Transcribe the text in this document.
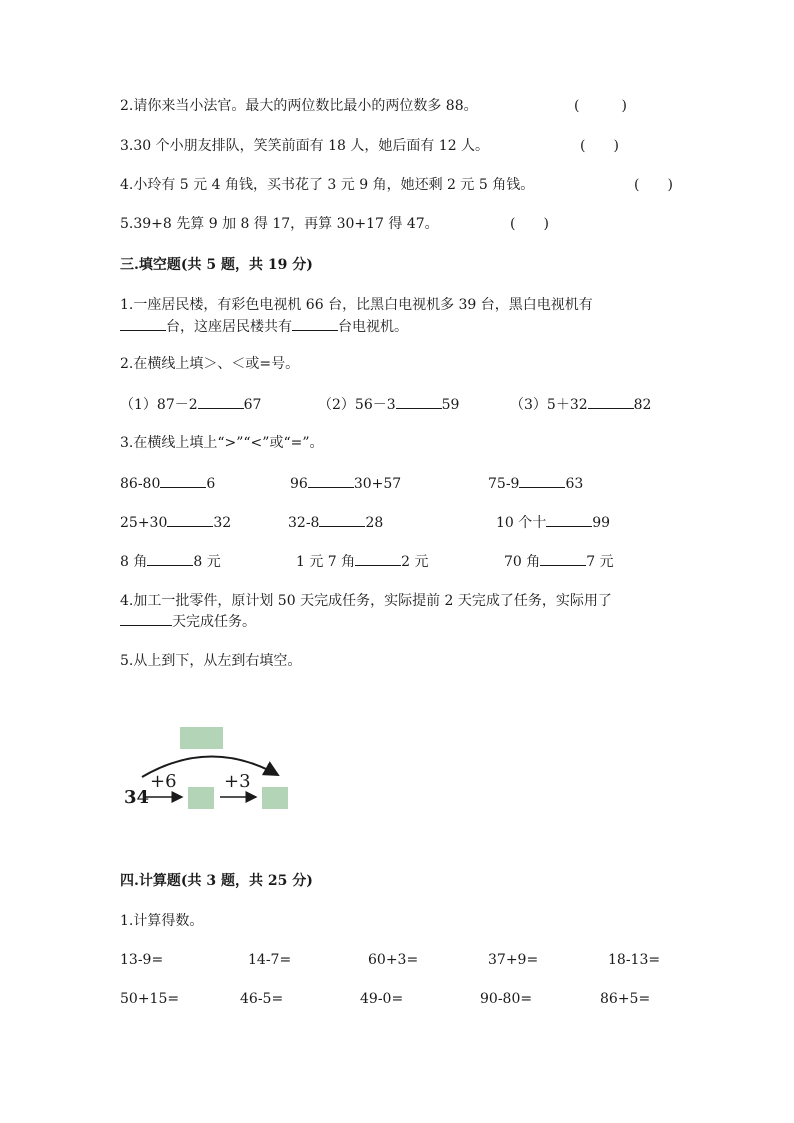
2.请你来当小法官。最大的两位数比最小的两位数多 88。	(　　　)
3.30 个小朋友排队，笑笑前面有 18 人，她后面有 12 人。	(　　)
4.小玲有 5 元 4 角钱，买书花了 3 元 9 角，她还剩 2 元 5 角钱。	(　　)
5.39+8 先算 9 加 8 得 17，再算 30+17 得 47。	(　　)
三.填空题(共 5 题，共 19 分)
1.一座居民楼，有彩色电视机 66 台，比黑白电视机多 39 台，黑白电视机有
台，这座居民楼共有	台电视机。
2.在横线上填＞、＜或=号。
（1）87－2	67	（2）56－3	59	（3）5＋32	82
3.在横线上填上“>”“<”或“=”。
86-80	6	96	30+57	75-9	63
25+30	32	32-8	28	10 个十	99
8 角	8 元	1 元 7 角	2 元	70 角	7 元
4.加工一批零件，原计划 50 天完成任务，实际提前 2 天完成了任务，实际用了
天完成任务。
5.从上到下，从左到右填空。
+6	+3
34
四.计算题(共 3 题，共 25 分)
1.计算得数。
13-9=	14-7=	60+3=	37+9=	18-13=
50+15=	46-5=	49-0=	90-80=	86+5=
